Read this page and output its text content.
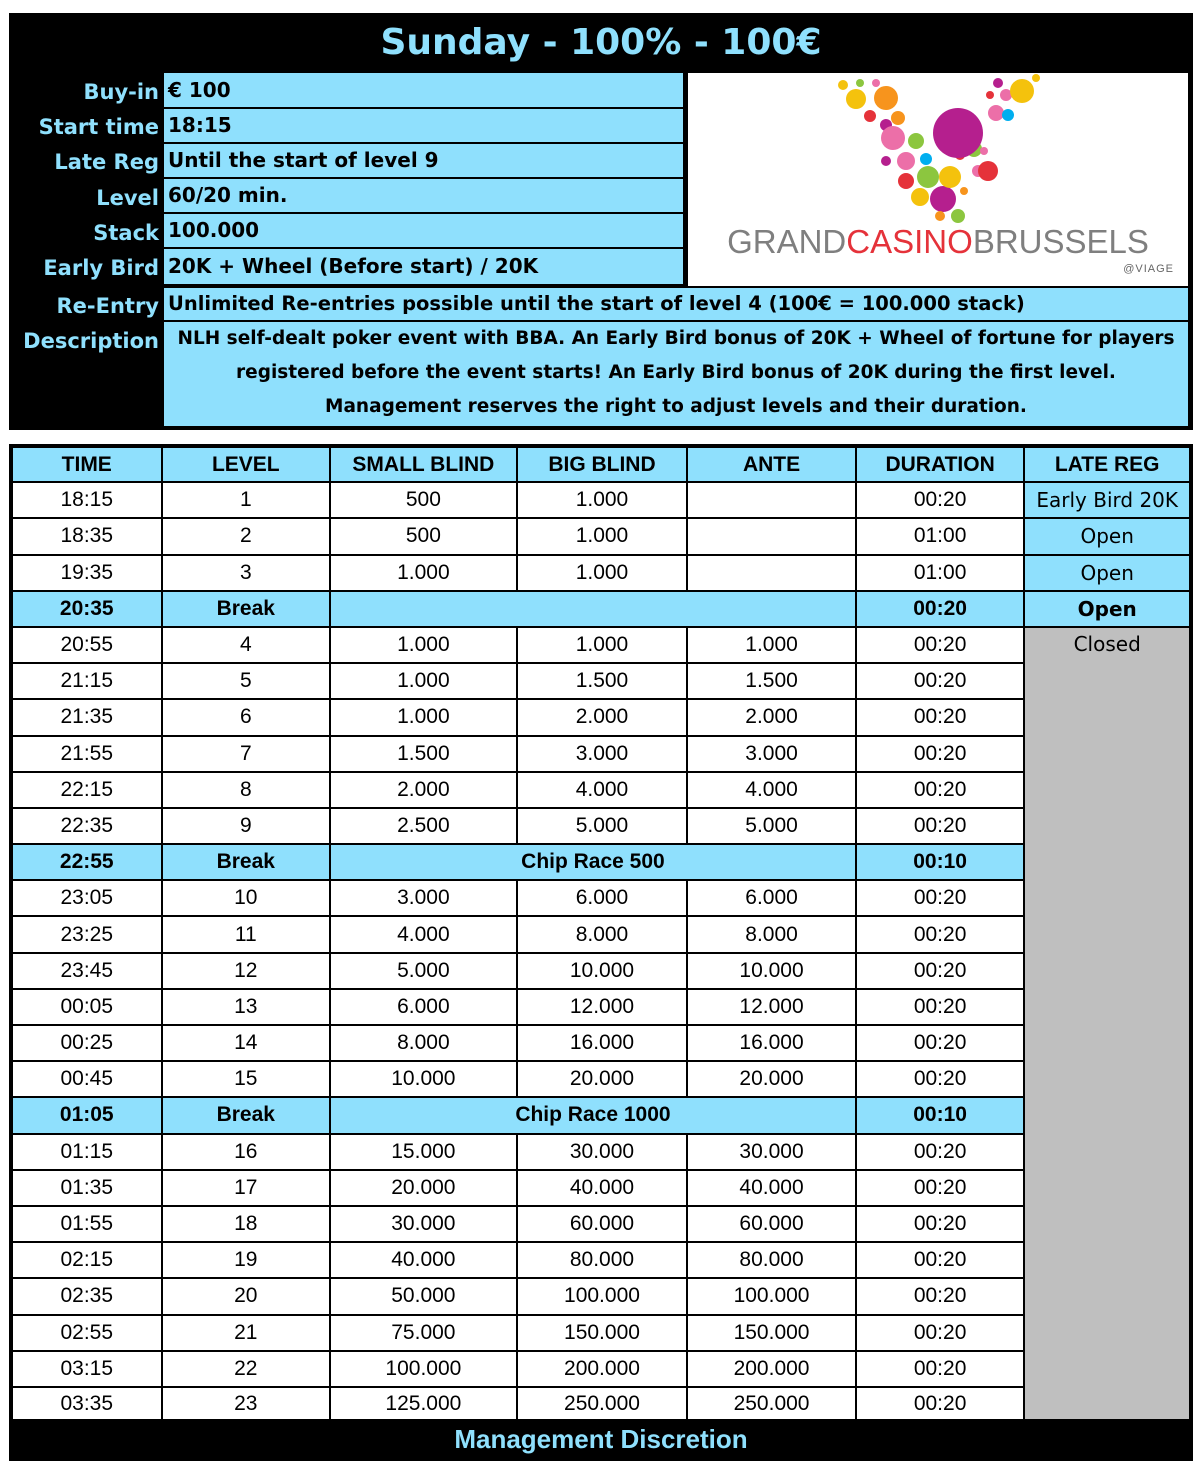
Sunday - 100% - 100€
Buy-in € 100
Start time 18:15
Late Reg Until the start of level 9
Level 60/20 min.
Stack 100.000
Early Bird 20K + Wheel (Before start) / 20K
Re-Entry Unlimited Re-entries possible until the start of level 4 (100€ = 100.000 stack)
Description NLH self-dealt poker event with BBA. An Early Bird bonus of 20K + Wheel of fortune for players
registered before the event starts! An Early Bird bonus of 20K during the first level.
Management reserves the right to adjust levels and their duration.
GRANDCASINOBRUSSELS
@VIAGE
TIME	LEVEL	SMALL BLIND	BIG BLIND	ANTE	DURATION	LATE REG
18:15	1	500	1.000		00:20	Early Bird 20K
18:35	2	500	1.000		01:00	Open
19:35	3	1.000	1.000		01:00	Open
20:35	Break				00:20	Open
20:55	4	1.000	1.000	1.000	00:20	Closed
21:15	5	1.000	1.500	1.500	00:20	
21:35	6	1.000	2.000	2.000	00:20	
21:55	7	1.500	3.000	3.000	00:20	
22:15	8	2.000	4.000	4.000	00:20	
22:35	9	2.500	5.000	5.000	00:20	
22:55	Break	Chip Race 500			00:10	
23:05	10	3.000	6.000	6.000	00:20	
23:25	11	4.000	8.000	8.000	00:20	
23:45	12	5.000	10.000	10.000	00:20	
00:05	13	6.000	12.000	12.000	00:20	
00:25	14	8.000	16.000	16.000	00:20	
00:45	15	10.000	20.000	20.000	00:20	
01:05	Break	Chip Race 1000			00:10	
01:15	16	15.000	30.000	30.000	00:20	
01:35	17	20.000	40.000	40.000	00:20	
01:55	18	30.000	60.000	60.000	00:20	
02:15	19	40.000	80.000	80.000	00:20	
02:35	20	50.000	100.000	100.000	00:20	
02:55	21	75.000	150.000	150.000	00:20	
03:15	22	100.000	200.000	200.000	00:20	
03:35	23	125.000	250.000	250.000	00:20	
Management Discretion
